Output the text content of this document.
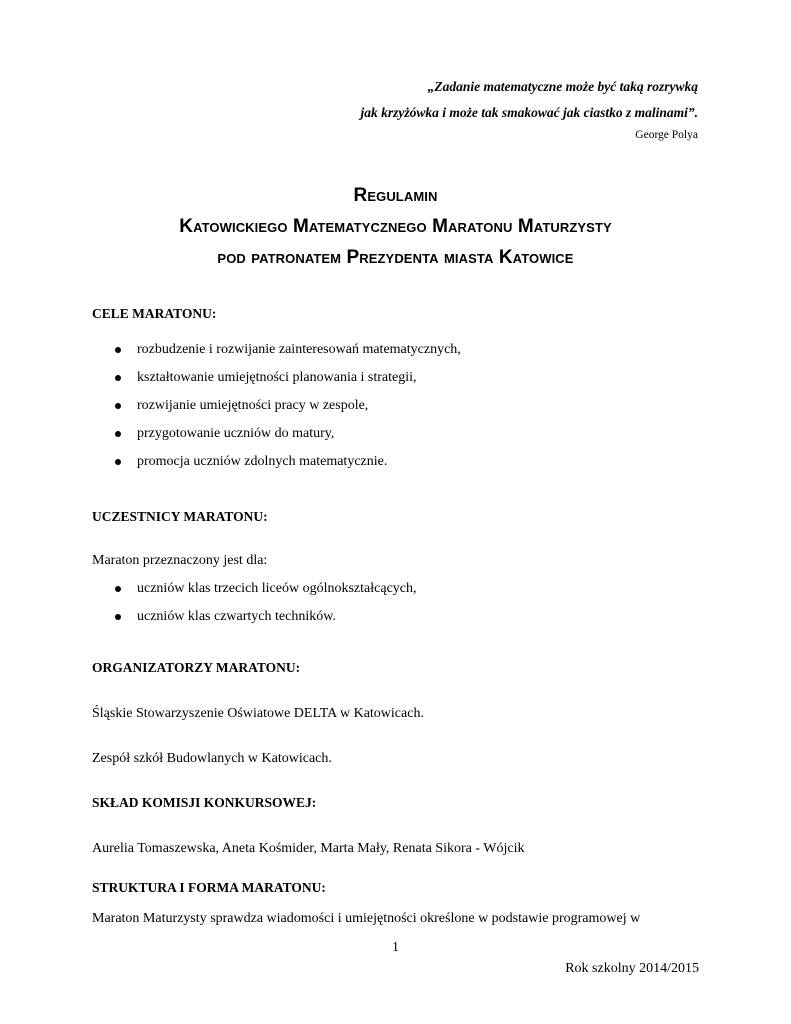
„Zadanie matematyczne może być taką rozrywką
jak krzyżówka i może tak smakować jak ciastko z malinami”.
George Polya
Regulamin
Katowickiego Matematycznego Maratonu Maturzysty
pod patronatem Prezydenta miasta Katowice
CELE MARATONU:
rozbudzenie i rozwijanie zainteresowań matematycznych,
kształtowanie umiejętności planowania i strategii,
rozwijanie umiejętności pracy w zespole,
przygotowanie uczniów do matury,
promocja uczniów zdolnych matematycznie.
UCZESTNICY MARATONU:
Maraton przeznaczony jest dla:
uczniów klas trzecich liceów ogólnokształcących,
uczniów klas czwartych techników.
ORGANIZATORZY MARATONU:
Śląskie Stowarzyszenie Oświatowe DELTA w Katowicach.
Zespół szkół Budowlanych w Katowicach.
SKŁAD KOMISJI KONKURSOWEJ:
Aurelia Tomaszewska, Aneta Kośmider, Marta Mały, Renata Sikora - Wójcik
STRUKTURA I FORMA MARATONU:
Maraton Maturzysty sprawdza wiadomości i umiejętności określone w podstawie programowej w
1
Rok szkolny 2014/2015
